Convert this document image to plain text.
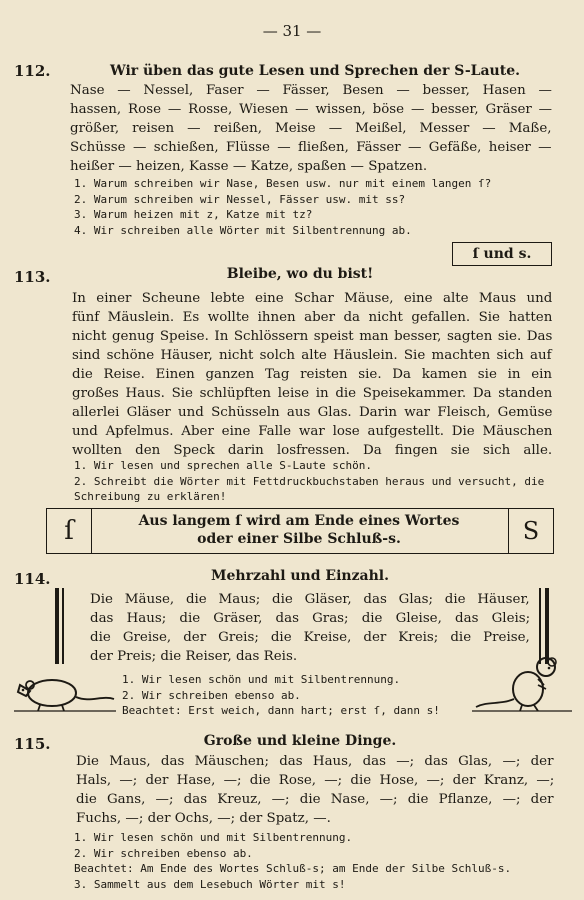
— 31 —
112.	Wir üben das gute Lesen und Sprechen der S-Laute.
Nase — Nessel, Faser — Fässer, Besen — besser, Hasen —
hassen, Rose — Rosse, Wiesen — wissen, böse — besser, Gräser —
größer, reisen — reißen, Meise — Meißel, Messer — Maße,
Schüsse — schießen, Flüsse — fließen, Fässer — Gefäße, heiser —
heißer — heizen, Kasse — Katze, spaßen — Spatzen.
1. Warum schreiben wir Nase, Besen usw. nur mit einem langen ſ?
2. Warum schreiben wir Nessel, Fässer usw. mit ss?
3. Warum heizen mit z, Katze mit tz?
4. Wir schreiben alle Wörter mit Silbentrennung ab.
ſ und s.
113.	Bleibe, wo du bist!
In einer Scheune lebte eine Schar Mäuse, eine alte Maus und
fünf Mäuslein. Es wollte ihnen aber da nicht gefallen. Sie hatten
nicht genug Speise. In Schlössern speist man besser, sagten sie. Das
sind schöne Häuser, nicht solch alte Häuslein. Sie machten sich auf
die Reise. Einen ganzen Tag reisten sie. Da kamen sie in ein
großes Haus. Sie schlüpften leise in die Speisekammer. Da standen
allerlei Gläser und Schüsseln aus Glas. Darin war Fleisch, Gemüse
und Apfelmus. Aber eine Falle war lose aufgestellt. Die Mäuschen
wollten den Speck darin losfressen. Da fingen sie sich alle.
1. Wir lesen und sprechen alle S-Laute schön.
2. Schreibt die Wörter mit Fettdruckbuchstaben heraus und versucht, die
Schreibung zu erklären!
ſ	Aus langem ſ wird am Ende eines Wortes
oder einer Silbe Schluß-s.	S
114.	Mehrzahl und Einzahl.
Die Mäuse, die Maus; die Gläser, das Glas; die Häuser,
das Haus; die Gräser, das Gras; die Gleise, das Gleis;
die Greise, der Greis; die Kreise, der Kreis; die Preise,
der Preis; die Reiser, das Reis.
1. Wir lesen schön und mit Silbentrennung.
2. Wir schreiben ebenso ab.
Beachtet: Erst weich, dann hart; erst ſ, dann s!
115.	Große und kleine Dinge.
Die Maus, das Mäuschen; das Haus, das —; das Glas, —; der
Hals, —; der Hase, —; die Rose, —; die Hose, —; der Kranz, —;
die Gans, —; das Kreuz, —; die Nase, —; die Pflanze, —; der
Fuchs, —; der Ochs, —; der Spatz, —.
1. Wir lesen schön und mit Silbentrennung.
2. Wir schreiben ebenso ab.
Beachtet: Am Ende des Wortes Schluß-s; am Ende der Silbe Schluß-s.
3. Sammelt aus dem Lesebuch Wörter mit s!
